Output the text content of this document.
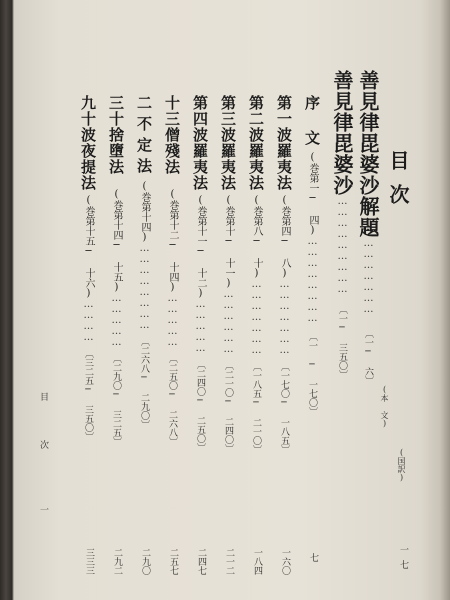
目次
(本 文)
(国訳)
善見律毘婆沙解題…………………〔一─ 六〕
一
善見律毘婆沙………………………〔一─ 三五〇〕
七
序 文(巻第一─ 四)……………………〔一 ─ 一七〇〕
七
第一波羅夷法(巻第四─ 八)…………………〔一七〇─ 一八五〕
一六〇
第二波羅夷法(巻第八─ 十)…………………〔一八五─ 二一〇〕
一八四
第三波羅夷法(巻第十─ 十一)………………〔二一〇─ 二四〇〕
二一二
第四波羅夷法(巻第十一─ 十二)……………〔二四〇─ 二五〇〕
二四七
十三僧殘法(巻第十二─ 十四)……………〔二五〇─ 二六八〕
二五七
二不定法(巻第十四)……………………〔二六八─ 二九〇〕
二九〇
三十捨墮法(巻第十四─ 十五)……………〔二九〇─ 三二五〕
二九二
九十波夜提法(巻第十五─ 十六)…………〔三二五─ 三五〇〕
三三三
目
次
一
